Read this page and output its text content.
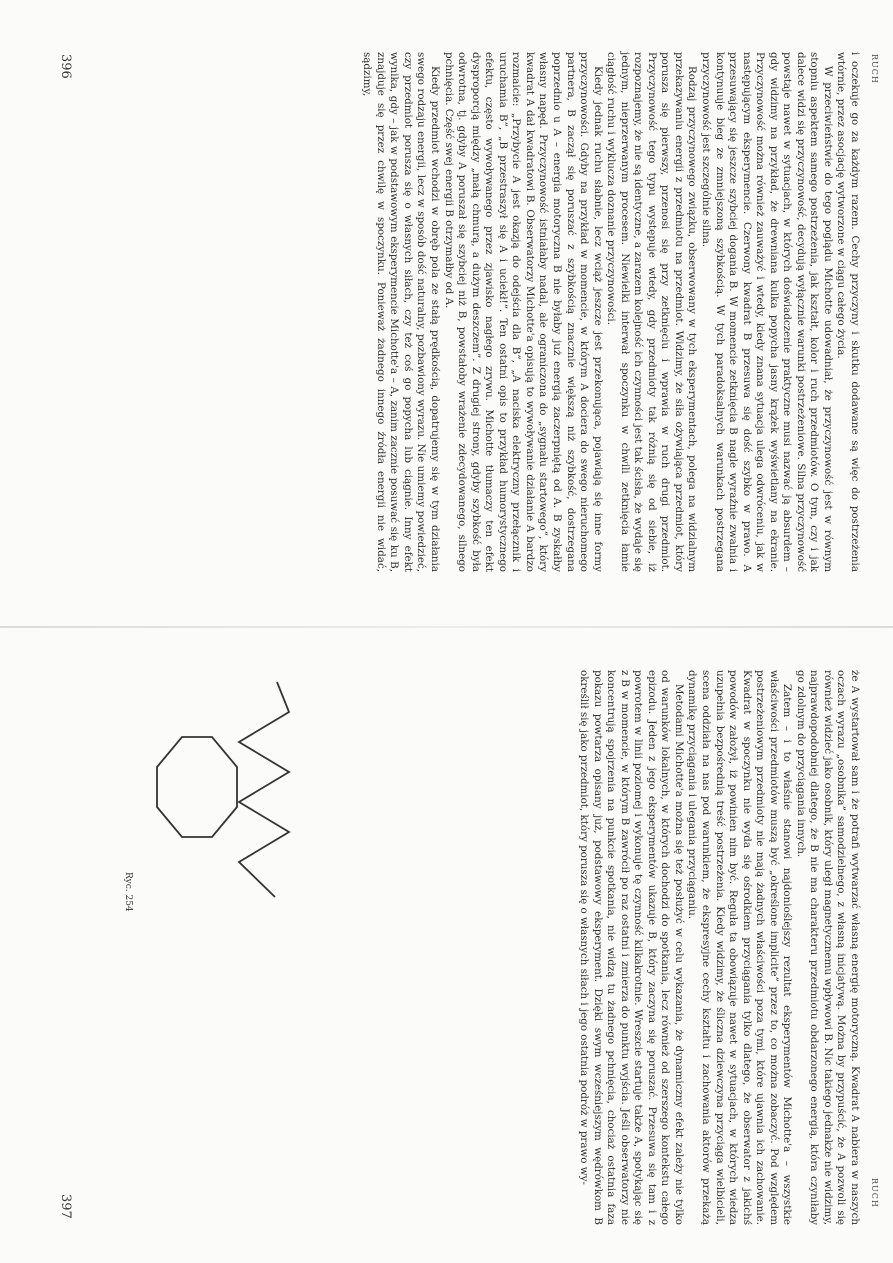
RUCH

i oczekuje go za każdym razem. Cechy przyczyny i skutku dodawane są więc do postrzeżenia wtórnie, przez asocjację wytworzone w ciągu całego życia.

W przeciwieństwie do tego poglądu Michotte udowadniał, że przyczynowość jest w równym stopniu aspektem samego postrzeżenia, jak kształt, kolor i ruch przedmiotów. O tym, czy i jak dalece widzi się przyczynowość, decydują wyłącznie warunki postrzeżeniowe. Silna przyczynowość powstaje nawet w sytuacjach, w których doświadczenie praktyczne musi nazwać ją absurdem – gdy widzimy na przykład, że drewniana kulka popycha jasny krążek wyświetlany na ekranie. Przyczynowość można również zauważyć i wtedy, kiedy znana sytuacja ulega odwróceniu, jak w następującym eksperymencie. Czerwony kwadrat B przesuwa się dość szybko w prawo. A przesuwający się jeszcze szybciej dogania B. W momencie zetknięcia B nagle wyraźnie zwalnia i kontynuuje bieg ze zmniejszoną szybkością. W tych paradoksalnych warunkach postrzegana przyczynowość jest szczególnie silna.

Rodzaj przyczynowego związku, obserwowany w tych eksperymentach, polega na widzialnym przekazywaniu energii z przedmiotu na przedmiot. Widzimy, że siła ożywiająca przedmiot, który porusza się pierwszy, przenosi się przy zetknięciu i wprawia w ruch drugi przedmiot. Przyczynowość tego typu występuje wtedy, gdy przedmioty tak różnią się od siebie, iż rozpoznajemy, że nie są identyczne, a zarazem kolejność ich czynności jest tak ścisła, że wydaje się jednym, nieprzerwanym procesem. Niewielki interwał spoczynku w chwili zetknięcia łamie ciągłość ruchu i wyklucza doznanie przyczynowości.

Kiedy jednak ruchu słabnie, lecz wciąż jeszcze jest przekonująca, pojawiają się inne formy przyczynowości. Gdyby na przykład w momencie, w którym A dociera do swego nieruchomego partnera, B zaczął się poruszać z szybkością znacznie większą niż szybkość, dostrzegana poprzednio u A – energia motoryczna B nie byłaby już energią zaczerpniętą od A. B zyskałby własny napęd. Przyczynowość istniałaby nadal, ale ograniczona do „sygnału startowego”, który kwadrat A dał kwadratowi B. Obserwatorzy Michotte'a opisują to wywoływanie działanie A bardzo rozmaicie: „Przybycie A jest okazją do odejścia dla B”, „A naciska elektryczny przełącznik i uruchamia B”, „B przestraszył się A i uciekł!”. Ten ostatni opis to przykład humorystycznego efektu, często wywoływanego przez zjawisko nagłego zrywu. Michotte tłumaczy ten efekt dysproporcją między „małą chmurą, a dużym deszczem”. Z drugiej strony, gdyby szybkość była odwrotna, tj. gdyby A poruszał się szybciej niż B, powstałoby wrażenie zdecydowanego, silnego pchnięcia. Część swej energii B otrzymałby od A.

Kiedy przedmiot wchodzi w obręb pola ze stałą prędkością, dopatrujemy się w tym działania swego rodzaju energii, lecz w sposób dość naturalny, pozbawiony wyrazu. Nie umiemy powiedzieć, czy przedmiot porusza się o własnych siłach, czy też coś go popycha lub ciągnie. Inny efekt wynika, gdy – jak w podstawowym eksperymencie Michotte'a – A, zanim zacznie posuwać się ku B, znajduje się przez chwilę w spoczynku. Ponieważ żadnego innego źródła energii nie widać, sądzimy,

396
RUCH

że A wystartował sam i że potrafi wytwarzać własną energię motoryczną. Kwadrat A nabiera w naszych oczach wyrazu „osobnika” samodzielnego, z własną inicjatywą. Można by przypuścić, że A pozwoli się również widzieć jako osobnik, który uległ magnetycznemu wpływowi B. Nic takiego jednakże nie widzimy, najprawdopodobniej dlatego, że B nie ma charakteru przedmiotu obdarzonego energią, która czyniłaby go zdolnym do przyciągania innych.

Zatem – i to właśnie stanowi najdonioślejszy rezultat eksperymentów Michotte'a – wszystkie właściwości przedmiotów muszą być „określone implicite” przez to, co można zobaczyć. Pod względem postrzeżeniowym przedmioty nie mają żadnych właściwości poza tymi, które ujawnia ich zachowanie. Kwadrat w spoczynku nie wyda się ośrodkiem przyciągania tylko dlatego, że obserwator z jakichś powodów założył, iż powinien nim być. Reguła ta obowiązuje nawet w sytuacjach, w których wiedza uzupełnia bezpośrednią treść postrzeżenia. Kiedy widzimy, że śliczna dziewczyna przyciąga wielbicieli, scena oddziała na nas pod warunkiem, że ekspresyjne cechy kształtu i zachowania aktorów przekażą dynamikę przyciągania i ulegania przyciąganiu.

Metodami Michotte'a można się też posłużyć w celu wykazania, że dynamiczny efekt zależy nie tylko od warunków lokalnych, w których dochodzi do spotkania, lecz również od szerszego kontekstu całego epizodu. Jeden z jego eksperymentów ukazuje B, który zaczyna się poruszać. Przesuwa się tam i z powrotem w linii poziomej i wykonuje tę czynność kilkakrotnie. Wreszcie startuje także A, spotykając się z B w momencie, w którym B zawrócił po raz ostatni i zmierza do punktu wyjścia. Jeśli obserwatorzy nie koncentrują spojrzenia na punkcie spotkania, nie widzą tu żadnego pchnięcia, chociaż ostatnia faza pokazu powtarza opisany już, podstawowy eksperyment. Dzięki swym wcześniejszym wędrówkom B określił się jako przedmiot, który porusza się o własnych siłach i jego ostatnia podróż w prawo wy-

Ryc. 254
397
